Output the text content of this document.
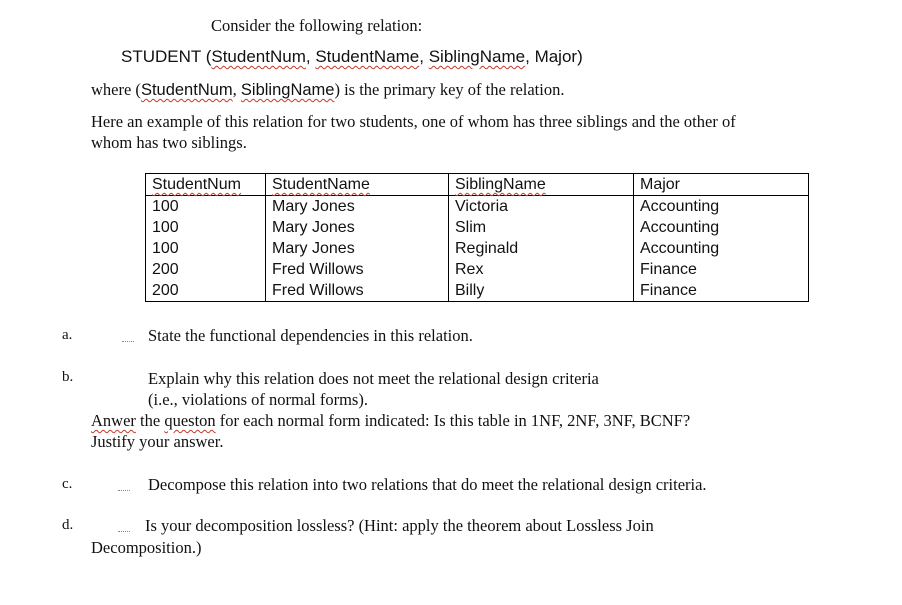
Consider the following relation:
STUDENT (StudentNum, StudentName, SiblingName, Major)
where (StudentNum, SiblingName) is the primary key of the relation.
Here an example of this relation for two students, one of whom has three siblings and the other of
whom has two siblings.
StudentNum	StudentName	SiblingName	Major
100	Mary Jones	Victoria	Accounting
100	Mary Jones	Slim	Accounting
100	Mary Jones	Reginald	Accounting
200	Fred Willows	Rex	Finance
200	Fred Willows	Billy	Finance
a.	State the functional dependencies in this relation.
b.	Explain why this relation does not meet the relational design criteria
(i.e., violations of normal forms).
Anwer the queston for each normal form indicated: Is this table in 1NF, 2NF, 3NF, BCNF?
Justify your answer.
c.	Decompose this relation into two relations that do meet the relational design criteria.
d.	Is your decomposition lossless? (Hint: apply the theorem about Lossless Join
Decomposition.)
